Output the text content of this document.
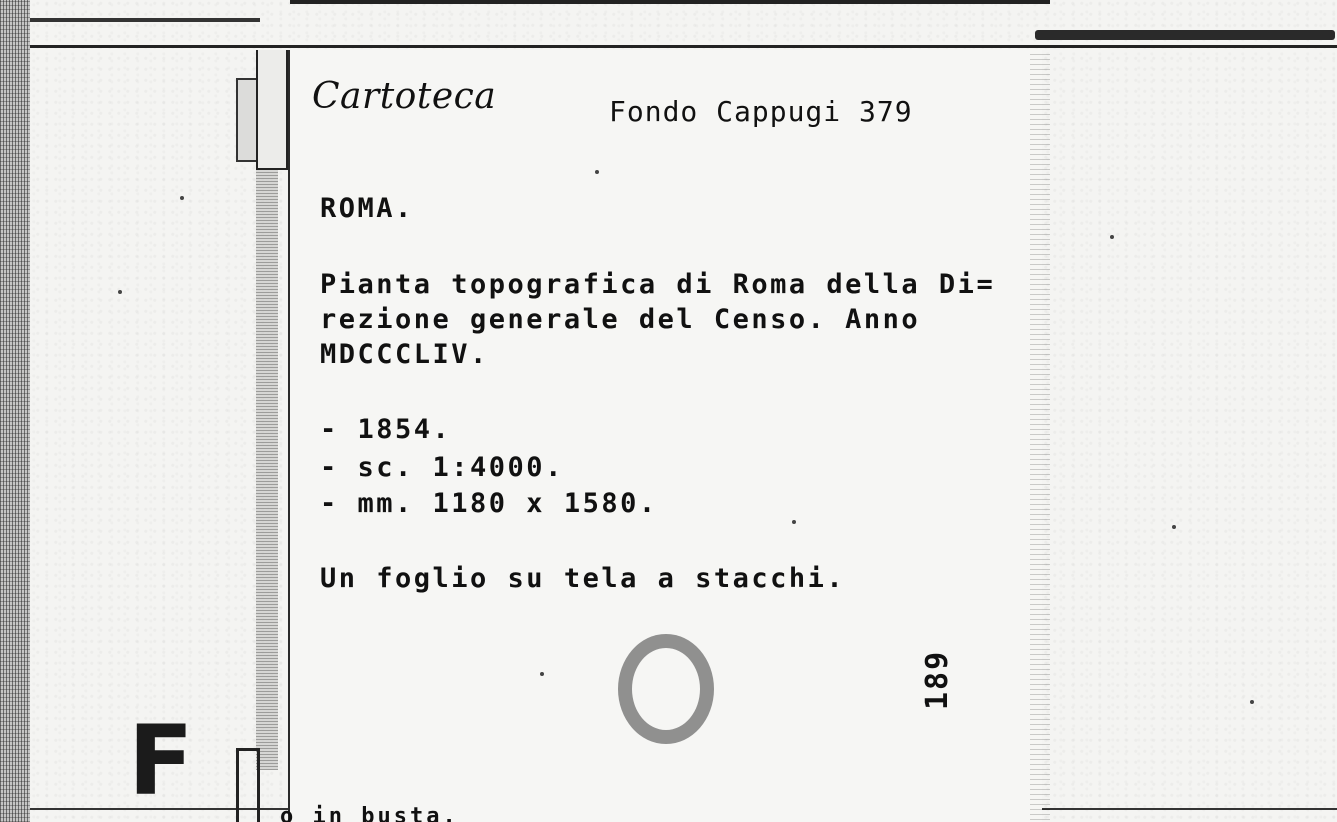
Cartoteca	Fondo Cappugi 379
ROMA.
Pianta topografica di Roma della Di=
rezione generale del Censo. Anno
MDCCCLIV.
- 1854.
- sc. 1:4000.
- mm. 1180 x 1580.
Un foglio su tela a stacchi.
189
F	o in busta.
